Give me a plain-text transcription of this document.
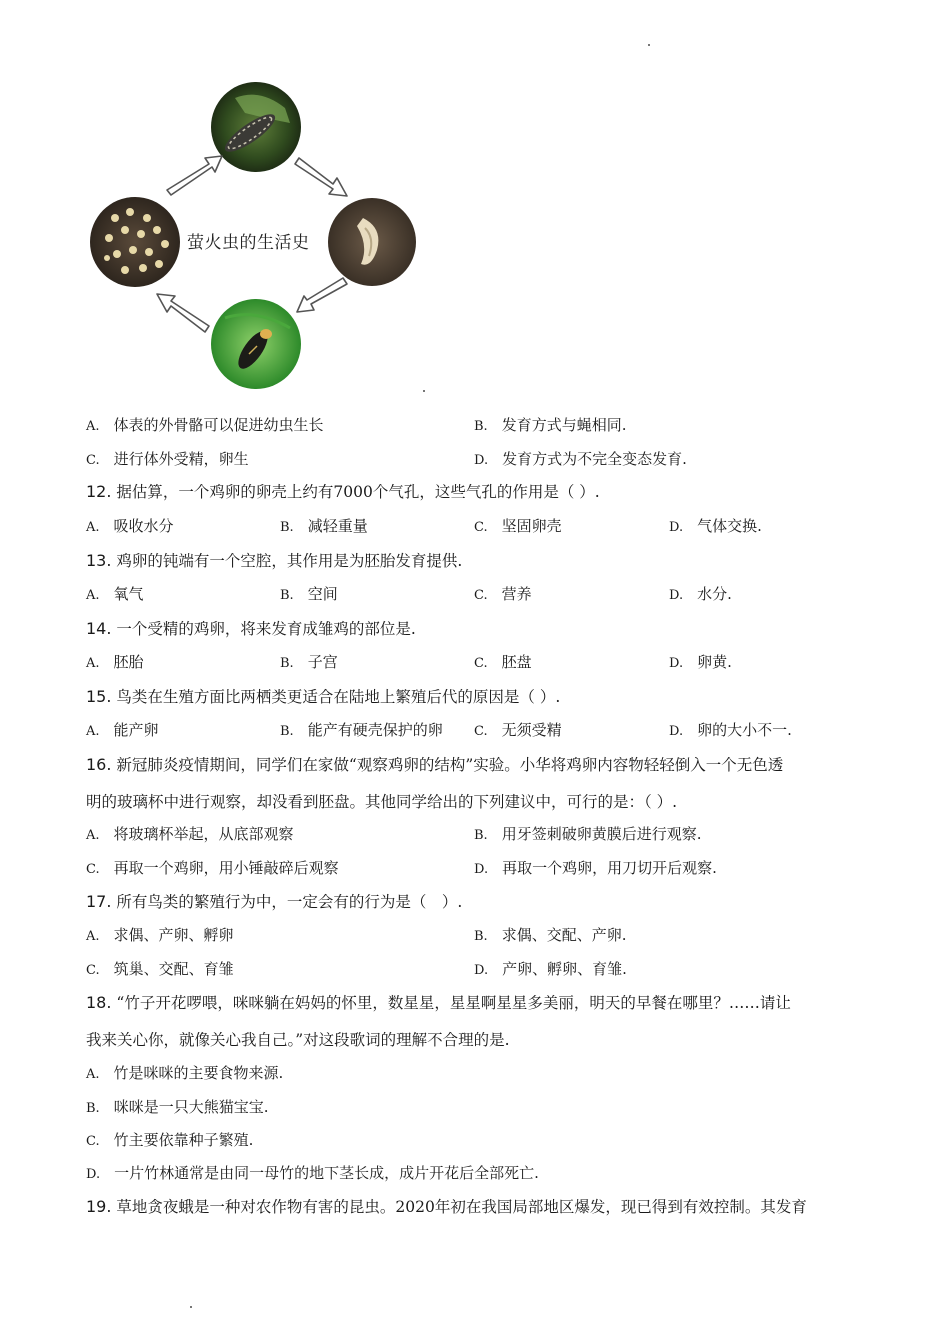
萤火虫的生活史
A. 体表的外骨骼可以促进幼虫生长	B. 发育方式与蝇相同.
C. 进行体外受精，卵生	D. 发育方式为不完全变态发育.
12. 据估算，一个鸡卵的卵壳上约有7000个气孔，这些气孔的作用是（ ）.
A. 吸收水分	B. 减轻重量	C. 坚固卵壳	D. 气体交换.
13. 鸡卵的钝端有一个空腔，其作用是为胚胎发育提供.
A. 氧气	B. 空间	C. 营养	D. 水分.
14. 一个受精的鸡卵，将来发育成雏鸡的部位是.
A. 胚胎	B. 子宫	C. 胚盘	D. 卵黄.
15. 鸟类在生殖方面比两栖类更适合在陆地上繁殖后代的原因是（ ）.
A. 能产卵	B. 能产有硬壳保护的卵 C. 无须受精	D. 卵的大小不一.
16. 新冠肺炎疫情期间，同学们在家做“观察鸡卵的结构”实验。小华将鸡卵内容物轻轻倒入一个无色透
明的玻璃杯中进行观察，却没看到胚盘。其他同学给出的下列建议中，可行的是：（ ）.
A. 将玻璃杯举起，从底部观察	B. 用牙签刺破卵黄膜后进行观察.
C. 再取一个鸡卵，用小锤敲碎后观察	D. 再取一个鸡卵，用刀切开后观察.
17. 所有鸟类的繁殖行为中，一定会有的行为是（　）.
A. 求偶、产卵、孵卵	B. 求偶、交配、产卵.
C. 筑巢、交配、育雏	D. 产卵、孵卵、育雏.
18. “竹子开花啰喂，咪咪躺在妈妈的怀里，数星星，星星啊星星多美丽，明天的早餐在哪里？……请让
我来关心你，就像关心我自己。”对这段歌词的理解不合理的是.
A. 竹是咪咪的主要食物来源.
B. 咪咪是一只大熊猫宝宝.
C. 竹主要依靠种子繁殖.
D. 一片竹林通常是由同一母竹的地下茎长成，成片开花后全部死亡.
19. 草地贪夜蛾是一种对农作物有害的昆虫。2020年初在我国局部地区爆发，现已得到有效控制。其发育
